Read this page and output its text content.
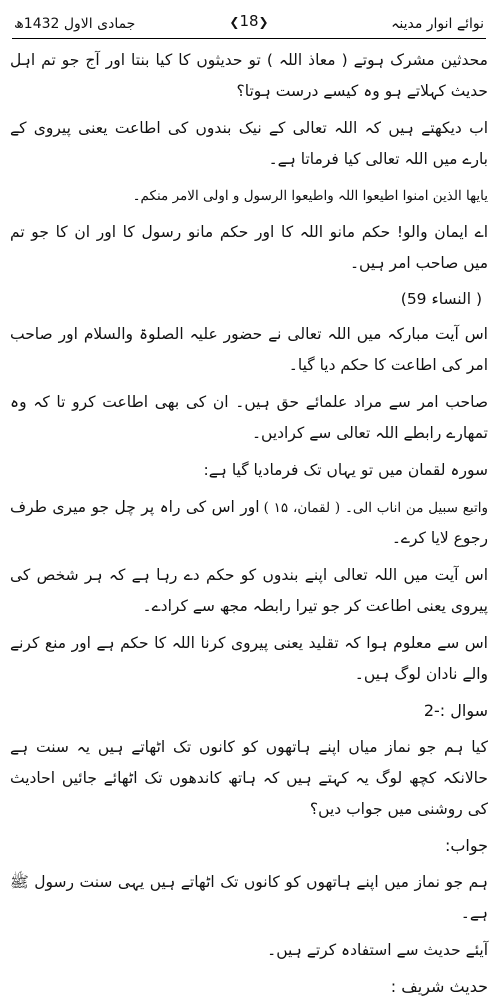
نوائے انوار مدینہ
❮18❯
جمادی الاول 1432ھ

محدثین مشرک ہوتے ( معاذ اللہ ) تو حدیثوں کا کیا بنتا اور آج جو تم اہل حدیث کہلاتے ہو وہ کیسے درست ہوتا؟

اب دیکھتے ہیں کہ اللہ تعالی کے نیک بندوں کی اطاعت یعنی پیروی کے بارے میں اللہ تعالی کیا فرماتا ہے۔

یایھا الذین امنوا اطیعوا اللہ واطیعوا الرسول و اولی الامر منکم۔

اے ایمان والو! حکم مانو اللہ کا اور حکم مانو رسول کا اور ان کا جو تم میں صاحب امر ہیں۔

( النساء 59)

اس آیت مبارکہ میں اللہ تعالی نے حضور علیہ الصلوۃ والسلام اور صاحب امر کی اطاعت کا حکم دیا گیا۔

صاحب امر سے مراد علمائے حق ہیں۔ ان کی بھی اطاعت کرو تا کہ وہ تمھارے رابطے اللہ تعالی سے کرادیں۔

سورہ لقمان میں تو یہاں تک فرمادیا گیا ہے:

واتبع سبیل من اناب الی۔ ( لقمان، ۱۵ )اور اس کی راہ پر چل جو میری طرف رجوع لایا کرے۔

اس آیت میں اللہ تعالی اپنے بندوں کو حکم دے رہا ہے کہ ہر شخص کی پیروی یعنی اطاعت کر جو تیرا رابطہ مجھ سے کرادے۔

اس سے معلوم ہوا کہ تقلید یعنی پیروی کرنا اللہ کا حکم ہے اور منع کرنے والے نادان لوگ ہیں۔

سوال :-2

کیا ہم جو نماز میاں اپنے ہاتھوں کو کانوں تک اٹھاتے ہیں یہ سنت ہے حالانکہ کچھ لوگ یہ کہتے ہیں کہ ہاتھ کاندھوں تک اٹھائے جائیں احادیث کی روشنی میں جواب دیں؟

جواب:

ہم جو نماز میں اپنے ہاتھوں کو کانوں تک اٹھاتے ہیں یہی سنت رسول ﷺ ہے۔

آیئے حدیث سے استفادہ کرتے ہیں۔

حدیث شریف :
